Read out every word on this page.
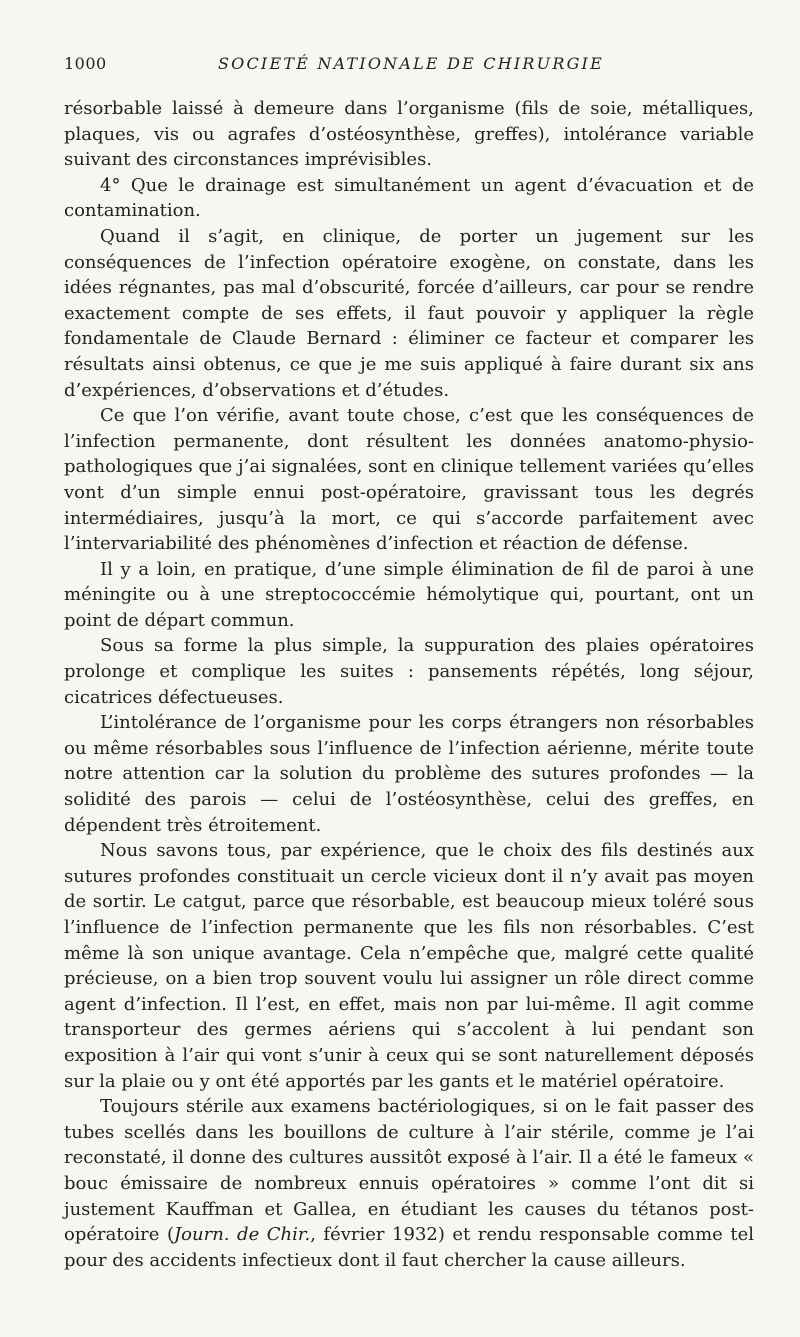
1000	SOCIETÉ NATIONALE DE CHIRURGIE

résorbable laissé à demeure dans l’organisme (fils de soie, métalliques, plaques, vis ou agrafes d’ostéosynthèse, greffes), intolérance variable suivant des circonstances imprévisibles.

4° Que le drainage est simultanément un agent d’évacuation et de contamination.

Quand il s’agit, en clinique, de porter un jugement sur les conséquences de l’infection opératoire exogène, on constate, dans les idées régnantes, pas mal d’obscurité, forcée d’ailleurs, car pour se rendre exactement compte de ses effets, il faut pouvoir y appliquer la règle fondamentale de Claude Bernard : éliminer ce facteur et comparer les résultats ainsi obtenus, ce que je me suis appliqué à faire durant six ans d’expériences, d’observations et d’études.

Ce que l’on vérifie, avant toute chose, c’est que les conséquences de l’infection permanente, dont résultent les données anatomo-physio-pathologiques que j’ai signalées, sont en clinique tellement variées qu’elles vont d’un simple ennui post-opératoire, gravissant tous les degrés intermédiaires, jusqu’à la mort, ce qui s’accorde parfaitement avec l’intervariabilité des phénomènes d’infection et réaction de défense.

Il y a loin, en pratique, d’une simple élimination de fil de paroi à une méningite ou à une streptococcémie hémolytique qui, pourtant, ont un point de départ commun.

Sous sa forme la plus simple, la suppuration des plaies opératoires prolonge et complique les suites : pansements répétés, long séjour, cicatrices défectueuses.

L’intolérance de l’organisme pour les corps étrangers non résorbables ou même résorbables sous l’influence de l’infection aérienne, mérite toute notre attention car la solution du problème des sutures profondes — la solidité des parois — celui de l’ostéosynthèse, celui des greffes, en dépendent très étroitement.

Nous savons tous, par expérience, que le choix des fils destinés aux sutures profondes constituait un cercle vicieux dont il n’y avait pas moyen de sortir. Le catgut, parce que résorbable, est beaucoup mieux toléré sous l’influence de l’infection permanente que les fils non résorbables. C’est même là son unique avantage. Cela n’empêche que, malgré cette qualité précieuse, on a bien trop souvent voulu lui assigner un rôle direct comme agent d’infection. Il l’est, en effet, mais non par lui-même. Il agit comme transporteur des germes aériens qui s’accolent à lui pendant son exposition à l’air qui vont s’unir à ceux qui se sont naturellement déposés sur la plaie ou y ont été apportés par les gants et le matériel opératoire.

Toujours stérile aux examens bactériologiques, si on le fait passer des tubes scellés dans les bouillons de culture à l’air stérile, comme je l’ai reconstaté, il donne des cultures aussitôt exposé à l’air. Il a été le fameux « bouc émissaire de nombreux ennuis opératoires » comme l’ont dit si justement Kauffman et Gallea, en étudiant les causes du tétanos post-opératoire (Journ. de Chir., février 1932) et rendu responsable comme tel pour des accidents infectieux dont il faut chercher la cause ailleurs.
